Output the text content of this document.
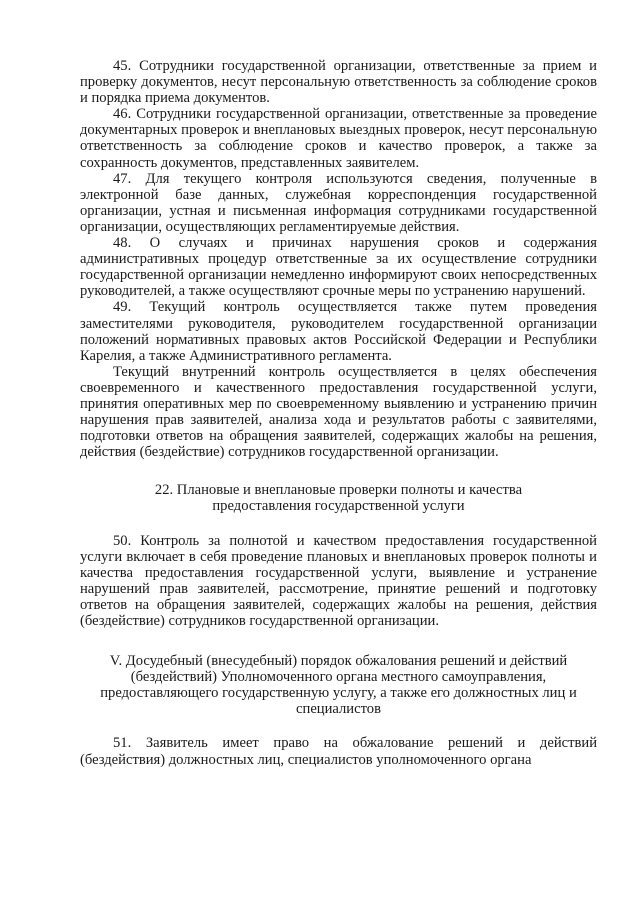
45. Сотрудники государственной организации, ответственные за прием и проверку документов, несут персональную ответственность за соблюдение сроков и порядка приема документов.

46. Сотрудники государственной организации, ответственные за проведение документарных проверок и внеплановых выездных проверок, несут персональную ответственность за соблюдение сроков и качество проверок, а также за сохранность документов, представленных заявителем.

47. Для текущего контроля используются сведения, полученные в электронной базе данных, служебная корреспонденция государственной организации, устная и письменная информация сотрудниками государственной организации, осуществляющих регламентируемые действия.

48. О случаях и причинах нарушения сроков и содержания административных процедур ответственные за их осуществление сотрудники государственной организации немедленно информируют своих непосредственных руководителей, а также осуществляют срочные меры по устранению нарушений.

49. Текущий контроль осуществляется также путем проведения заместителями руководителя, руководителем государственной организации положений нормативных правовых актов Российской Федерации и Республики Карелия, а также Административного регламента.

Текущий внутренний контроль осуществляется в целях обеспечения своевременного и качественного предоставления государственной услуги, принятия оперативных мер по своевременному выявлению и устранению причин нарушения прав заявителей, анализа хода и результатов работы с заявителями, подготовки ответов на обращения заявителей, содержащих жалобы на решения, действия (бездействие) сотрудников государственной организации.

22. Плановые и внеплановые проверки полноты и качества
предоставления государственной услуги

50. Контроль за полнотой и качеством предоставления государственной услуги включает в себя проведение плановых и внеплановых проверок полноты и качества предоставления государственной услуги, выявление и устранение нарушений прав заявителей, рассмотрение, принятие решений и подготовку ответов на обращения заявителей, содержащих жалобы на решения, действия (бездействие) сотрудников государственной организации.

V. Досудебный (внесудебный) порядок обжалования решений и действий
(бездействий) Уполномоченного органа местного самоуправления,
предоставляющего государственную услугу, а также его должностных лиц и
специалистов

51. Заявитель имеет право на обжалование решений и действий (бездействия) должностных лиц, специалистов уполномоченного органа
